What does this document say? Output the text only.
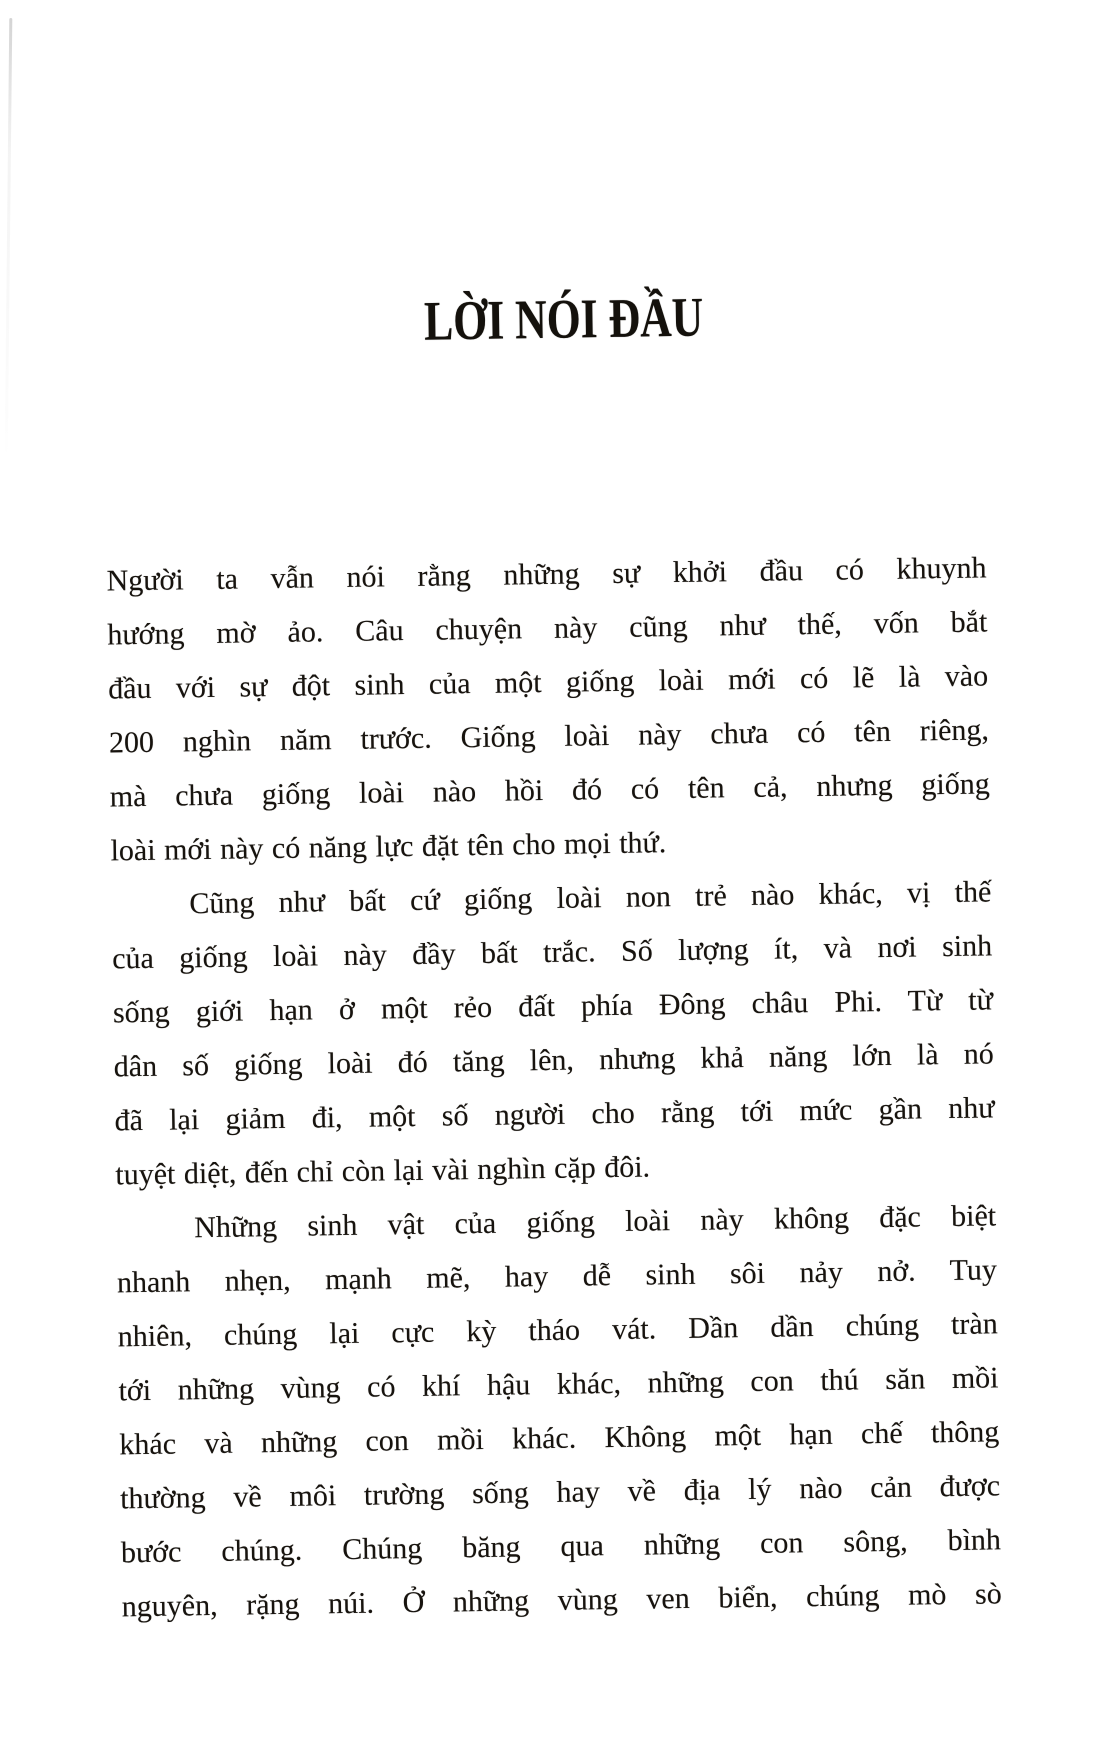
LỜI NÓI ĐẦU
Người ta vẫn nói rằng những sự khởi đầu có khuynh
hướng mờ ảo. Câu chuyện này cũng như thế, vốn bắt
đầu với sự đột sinh của một giống loài mới có lẽ là vào
200 nghìn năm trước. Giống loài này chưa có tên riêng,
mà chưa giống loài nào hồi đó có tên cả, nhưng giống
loài mới này có năng lực đặt tên cho mọi thứ.
Cũng như bất cứ giống loài non trẻ nào khác, vị thế
của giống loài này đầy bất trắc. Số lượng ít, và nơi sinh
sống giới hạn ở một rẻo đất phía Đông châu Phi. Từ từ
dân số giống loài đó tăng lên, nhưng khả năng lớn là nó
đã lại giảm đi, một số người cho rằng tới mức gần như
tuyệt diệt, đến chỉ còn lại vài nghìn cặp đôi.
Những sinh vật của giống loài này không đặc biệt
nhanh nhẹn, mạnh mẽ, hay dễ sinh sôi nảy nở. Tuy
nhiên, chúng lại cực kỳ tháo vát. Dần dần chúng tràn
tới những vùng có khí hậu khác, những con thú săn mồi
khác và những con mồi khác. Không một hạn chế thông
thường về môi trường sống hay về địa lý nào cản được
bước chúng. Chúng băng qua những con sông, bình
nguyên, rặng núi. Ở những vùng ven biển, chúng mò sò
